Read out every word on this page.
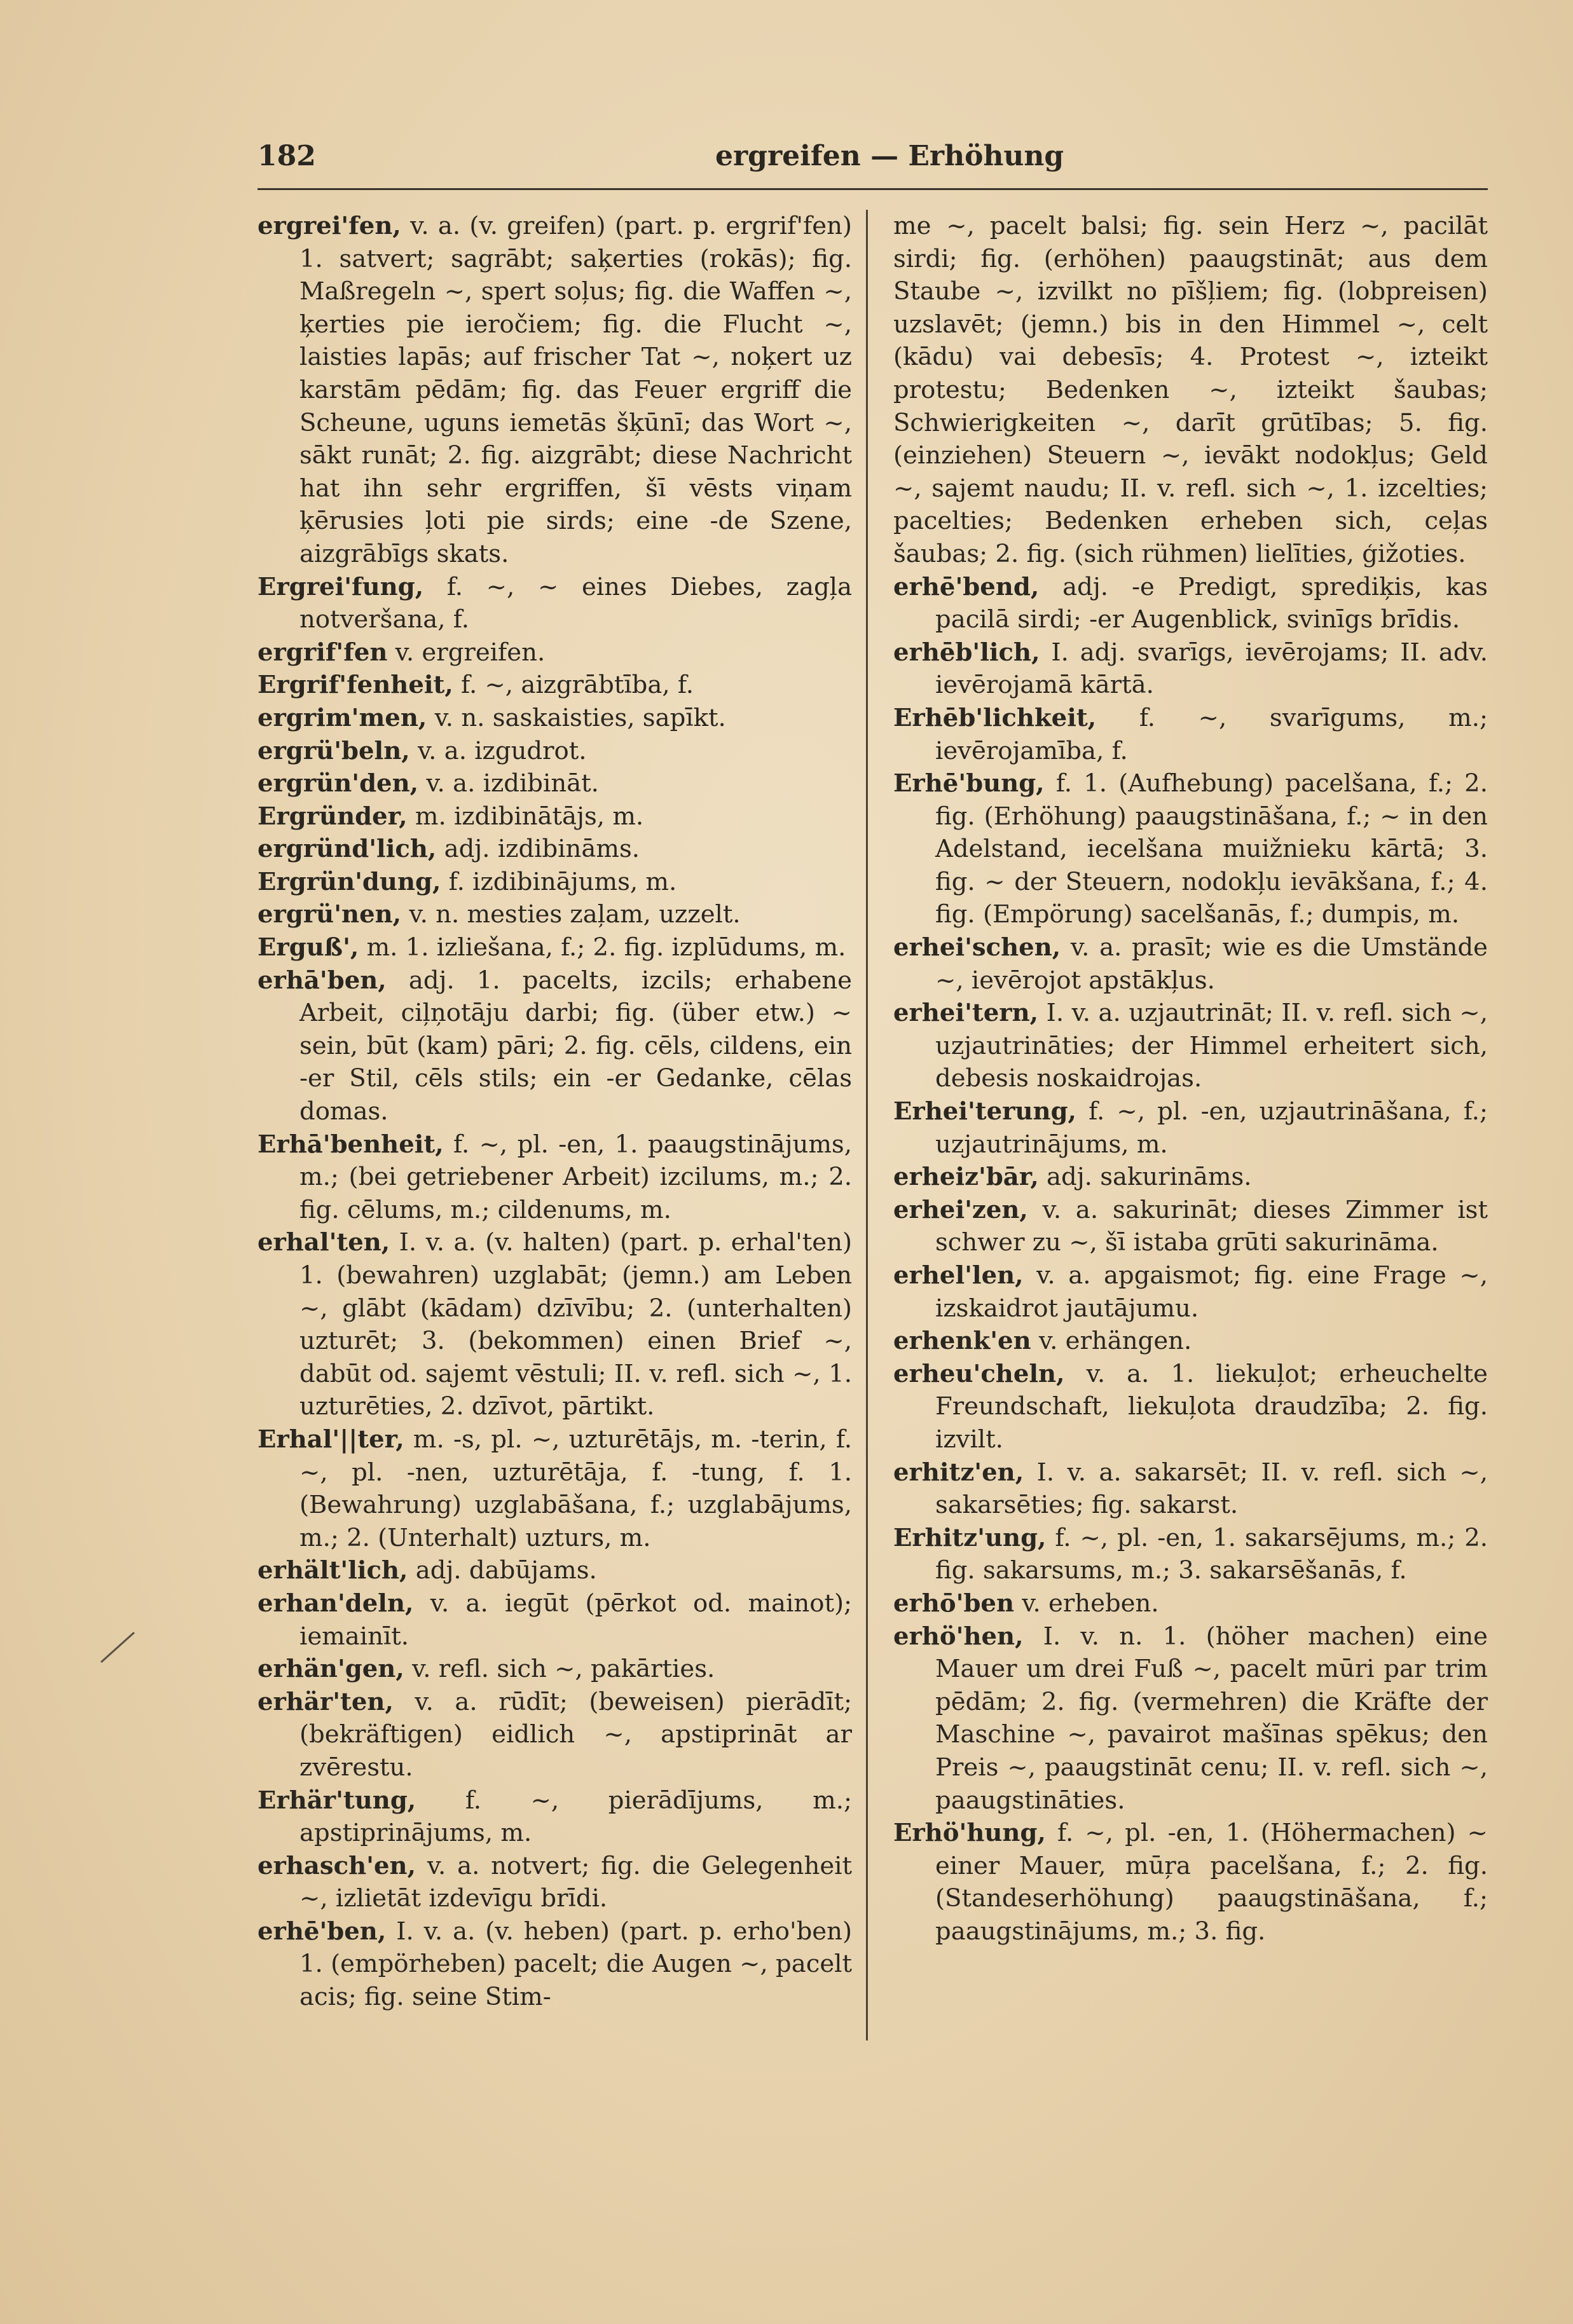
182	ergreifen — Erhöhung

ergrei'fen, v. a. (v. greifen) (part. p. ergrif'fen) 1. satvert; sagrābt; saķerties (rokās); fig. Maßregeln ~, spert soļus; fig. die Waffen ~, ķerties pie ieročiem; fig. die Flucht ~, laisties lapās; auf frischer Tat ~, noķert uz karstām pēdām; fig. das Feuer ergriff die Scheune, uguns iemetās šķūnī; das Wort ~, sākt runāt; 2. fig. aizgrābt; diese Nachricht hat ihn sehr ergriffen, šī vēsts viņam ķērusies ļoti pie sirds; eine -de Szene, aizgrābīgs skats.

Ergrei'fung, f. ~, ~ eines Diebes, zagļa notveršana, f.

ergrif'fen v. ergreifen.

Ergrif'fenheit, f. ~, aizgrābtība, f.

ergrim'men, v. n. saskaisties, sapīkt.

ergrü'beln, v. a. izgudrot.

ergrün'den, v. a. izdibināt.

Ergründer, m. izdibinātājs, m.

ergründ'lich, adj. izdibināms.

Ergrün'dung, f. izdibinājums, m.

ergrü'nen, v. n. mesties zaļam, uzzelt.

Erguß', m. 1. izliešana, f.; 2. fig. izplūdums, m.

erhā'ben, adj. 1. pacelts, izcils; erhabene Arbeit, ciļņotāju darbi; fig. (über etw.) ~ sein, būt (kam) pāri; 2. fig. cēls, cildens, ein -er Stil, cēls stils; ein -er Gedanke, cēlas domas.

Erhā'benheit, f. ~, pl. -en, 1. paaugstinājums, m.; (bei getriebener Arbeit) izcilums, m.; 2. fig. cēlums, m.; cildenums, m.

erhal'ten, I. v. a. (v. halten) (part. p. erhal'ten) 1. (bewahren) uzglabāt; (jemn.) am Leben ~, glābt (kādam) dzīvību; 2. (unterhalten) uzturēt; 3. (bekommen) einen Brief ~, dabūt od. sajemt vēstuli; II. v. refl. sich ~, 1. uzturēties, 2. dzīvot, pārtikt.

Erhal'||ter, m. -s, pl. ~, uzturētājs, m. -terin, f. ~, pl. -nen, uzturētāja, f. -tung, f. 1. (Bewahrung) uzglabāšana, f.; uzglabājums, m.; 2. (Unterhalt) uzturs, m.

erhält'lich, adj. dabūjams.

erhan'deln, v. a. iegūt (pērkot od. mainot); iemainīt.

erhän'gen, v. refl. sich ~, pakārties.

erhär'ten, v. a. rūdīt; (beweisen) pierādīt; (bekräftigen) eidlich ~, apstiprināt ar zvērestu.

Erhär'tung, f. ~, pierādījums, m.; apstiprinājums, m.

erhasch'en, v. a. notvert; fig. die Gelegenheit ~, izlietāt izdevīgu brīdi.

erhē'ben, I. v. a. (v. heben) (part. p. erho'ben) 1. (empörheben) pacelt; die Augen ~, pacelt acis; fig. seine Stim-

me ~, pacelt balsi; fig. sein Herz ~, pacilāt sirdi; fig. (erhöhen) paaugstināt; aus dem Staube ~, izvilkt no pīšļiem; fig. (lobpreisen) uzslavēt; (jemn.) bis in den Himmel ~, celt (kādu) vai debesīs; 4. Protest ~, izteikt protestu; Bedenken ~, izteikt šaubas; Schwierigkeiten ~, darīt grūtības; 5. fig. (einziehen) Steuern ~, ievākt nodokļus; Geld ~, sajemt naudu; II. v. refl. sich ~, 1. izcelties; pacelties; Bedenken erheben sich, ceļas šaubas; 2. fig. (sich rühmen) lielīties, ģižoties.

erhē'bend, adj. -e Predigt, sprediķis, kas pacilā sirdi; -er Augenblick, svinīgs brīdis.

erhēb'lich, I. adj. svarīgs, ievērojams; II. adv. ievērojamā kārtā.

Erhēb'lichkeit, f. ~, svarīgums, m.; ievērojamība, f.

Erhē'bung, f. 1. (Aufhebung) pacelšana, f.; 2. fig. (Erhöhung) paaugstināšana, f.; ~ in den Adelstand, iecelšana muižnieku kārtā; 3. fig. ~ der Steuern, nodokļu ievākšana, f.; 4. fig. (Empörung) sacelšanās, f.; dumpis, m.

erhei'schen, v. a. prasīt; wie es die Umstände ~, ievērojot apstākļus.

erhei'tern, I. v. a. uzjautrināt; II. v. refl. sich ~, uzjautrināties; der Himmel erheitert sich, debesis noskaidrojas.

Erhei'terung, f. ~, pl. -en, uzjautrināšana, f.; uzjautrinājums, m.

erheiz'bār, adj. sakurināms.

erhei'zen, v. a. sakurināt; dieses Zimmer ist schwer zu ~, šī istaba grūti sakurināma.

erhel'len, v. a. apgaismot; fig. eine Frage ~, izskaidrot jautājumu.

erhenk'en v. erhängen.

erheu'cheln, v. a. 1. liekuļot; erheuchelte Freundschaft, liekuļota draudzība; 2. fig. izvilt.

erhitz'en, I. v. a. sakarsēt; II. v. refl. sich ~, sakarsēties; fig. sakarst.

Erhitz'ung, f. ~, pl. -en, 1. sakarsējums, m.; 2. fig. sakarsums, m.; 3. sakarsēšanās, f.

erhō'ben v. erheben.

erhö'hen, I. v. n. 1. (höher machen) eine Mauer um drei Fuß ~, pacelt mūri par trim pēdām; 2. fig. (vermehren) die Kräfte der Maschine ~, pavairot mašīnas spēkus; den Preis ~, paaugstināt cenu; II. v. refl. sich ~, paaugstināties.

Erhö'hung, f. ~, pl. -en, 1. (Höhermachen) ~ einer Mauer, mūŗa pacelšana, f.; 2. fig. (Standeserhöhung) paaugstināšana, f.; paaugstinājums, m.; 3. fig.
